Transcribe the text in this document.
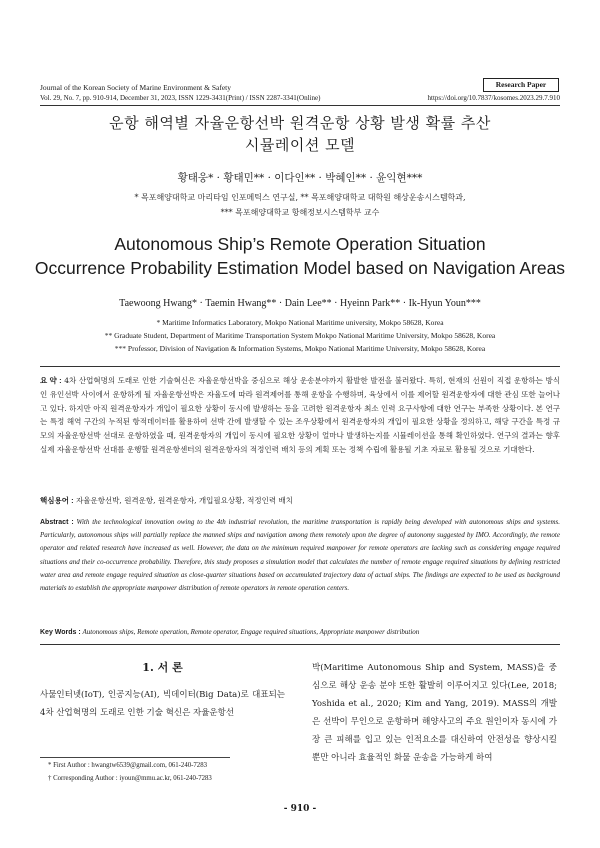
Journal of the Korean Society of Marine Environment & Safety	Research Paper
Vol. 29, No. 7, pp. 910-914, December 31, 2023, ISSN 1229-3431(Print) / ISSN 2287-3341(Online)	https://doi.org/10.7837/kosomes.2023.29.7.910
운항 해역별 자율운항선박 원격운항 상황 발생 확률 추산
시뮬레이션 모델
황태웅* · 황태민** · 이다인** · 박혜인** · 윤익현***
* 목포해양대학교 마리타임 인포메틱스 연구실, ** 목포해양대학교 대학원 해상운송시스템학과,
*** 목포해양대학교 항해정보시스템학부 교수
Autonomous Ship’s Remote Operation Situation
Occurrence Probability Estimation Model based on Navigation Areas
Taewoong Hwang* · Taemin Hwang** · Dain Lee** · Hyeinn Park** · Ik-Hyun Youn***
* Maritime Informatics Laboratory, Mokpo National Maritime university, Mokpo 58628, Korea
** Graduate Student, Department of Maritime Transportation System Mokpo National Maritime University, Mokpo 58628, Korea
*** Professor, Division of Navigation & Information Systems, Mokpo National Maritime University, Mokpo 58628, Korea
요 약 : 4차 산업혁명의 도래로 인한 기술혁신은 자율운항선박을 중심으로 해상 운송분야까지 활발한 발전을 불러왔다. 특히, 현재의 선원이 직접 운항하는 방식인 유인선박 사이에서 운항하게 될 자율운항선박은 자율도에 따라 원격제어를 통해 운항을 수행하며, 육상에서 이를 제어할 원격운항자에 대한 관심 또한 늘어나고 있다. 하지만 아직 원격운항자가 개입이 필요한 상황이 동시에 발생하는 등을 고려한 원격운항자 최소 인력 요구사항에 대한 연구는 부족한 상황이다. 본 연구는 특정 해역 구간의 누적된 항적데이터를 활용하여 선박 간에 발생할 수 있는 조우상황에서 원격운항자의 개입이 필요한 상황을 정의하고, 해당 구간을 특정 규모의 자율운항선박 선대로 운항하였을 때, 원격운항자의 개입이 동시에 필요한 상황이 얼마나 발생하는지를 시뮬레이션을 통해 확인하였다. 연구의 결과는 향후 실제 자율운항선박 선대를 운행할 원격운항센터의 원격운항자의 적정인력 배치 등의 계획 또는 정책 수립에 활용될 기초 자료로 활용될 것으로 기대한다.
핵심용어 : 자율운항선박, 원격운항, 원격운항자, 개입필요상황, 적정인력 배치
Abstract : With the technological innovation owing to the 4th industrial revolution, the maritime transportation is rapidly being developed with autonomous ships and systems. Particularly, autonomous ships will partially replace the manned ships and navigation among them remotely upon the degree of autonomy suggested by IMO. Accordingly, the remote operator and related research have increased as well. However, the data on the minimum required manpower for remote operators are lacking such as considering engage required situations and their co-occurrence probability. Therefore, this study proposes a simulation model that calculates the number of remote engage required situations by defining restricted water area and remote engage required situation as close-quarter situations based on accumulated trajectory data of actual ships. The findings are expected to be used as background materials to establish the appropriate manpower distribution of remote operators in remote operation centers.
Key Words : Autonomous ships, Remote operation, Remote operator, Engage required situations, Appropriate manpower distribution
1. 서 론
사물인터넷(IoT), 인공지능(AI), 빅데이터(Big Data)로 대표되는 4차 산업혁명의 도래로 인한 기술 혁신은 자율운항선
박(Maritime Autonomous Ship and System, MASS)을 중심으로 해상 운송 분야 또한 활발히 이루어지고 있다(Lee, 2018; Yoshida et al., 2020; Kim and Yang, 2019). MASS의 개발은 선박이 무인으로 운항하며 해양사고의 주요 원인이자 동시에 가장 큰 피해를 입고 있는 인적요소를 대신하여 안전성을 향상시킬 뿐만 아니라 효율적인 화물 운송을 가능하게 하여
* First Author : hwangtw6539@gmail.com, 061-240-7283
† Corresponding Author : iyoun@mmu.ac.kr, 061-240-7283
- 910 -
